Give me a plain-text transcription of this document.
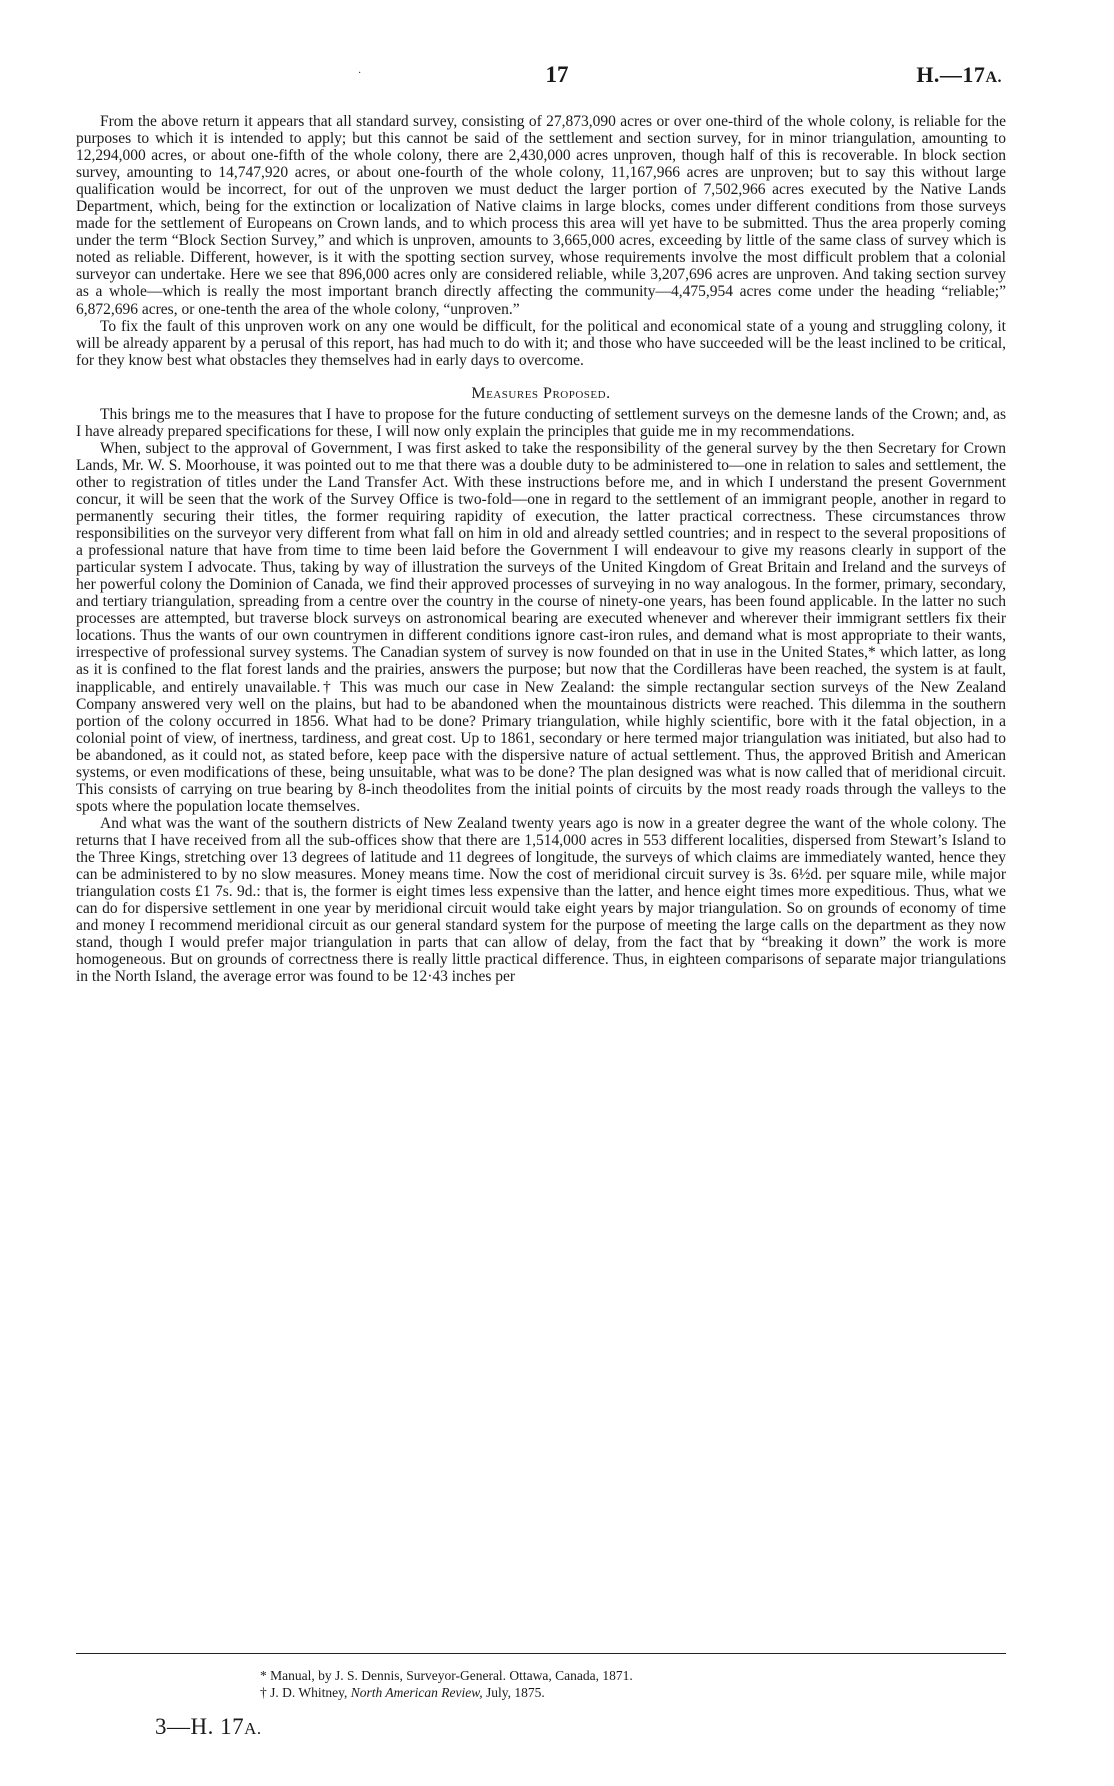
·	17	H.—17A.

From the above return it appears that all standard survey, consisting of 27,873,090 acres or over one-third of the whole colony, is reliable for the purposes to which it is intended to apply; but this cannot be said of the settlement and section survey, for in minor triangulation, amounting to 12,294,000 acres, or about one-fifth of the whole colony, there are 2,430,000 acres unproven, though half of this is recoverable. In block section survey, amounting to 14,747,920 acres, or about one-fourth of the whole colony, 11,167,966 acres are unproven; but to say this without large qualification would be incorrect, for out of the unproven we must deduct the larger portion of 7,502,966 acres executed by the Native Lands Department, which, being for the extinction or localization of Native claims in large blocks, comes under different conditions from those surveys made for the settlement of Europeans on Crown lands, and to which process this area will yet have to be submitted. Thus the area properly coming under the term “Block Section Survey,” and which is unproven, amounts to 3,665,000 acres, exceeding by little of the same class of survey which is noted as reliable. Different, however, is it with the spotting section survey, whose requirements involve the most difficult problem that a colonial surveyor can undertake. Here we see that 896,000 acres only are considered reliable, while 3,207,696 acres are unproven. And taking section survey as a whole—which is really the most important branch directly affecting the community—4,475,954 acres come under the heading “reliable;” 6,872,696 acres, or one-tenth the area of the whole colony, “unproven.”

To fix the fault of this unproven work on any one would be difficult, for the political and economical state of a young and struggling colony, it will be already apparent by a perusal of this report, has had much to do with it; and those who have succeeded will be the least inclined to be critical, for they know best what obstacles they themselves had in early days to overcome.

Measures Proposed.

This brings me to the measures that I have to propose for the future conducting of settlement surveys on the demesne lands of the Crown; and, as I have already prepared specifications for these, I will now only explain the principles that guide me in my recommendations.

When, subject to the approval of Government, I was first asked to take the responsibility of the general survey by the then Secretary for Crown Lands, Mr. W. S. Moorhouse, it was pointed out to me that there was a double duty to be administered to—one in relation to sales and settlement, the other to registration of titles under the Land Transfer Act. With these instructions before me, and in which I understand the present Government concur, it will be seen that the work of the Survey Office is two-fold—one in regard to the settlement of an immigrant people, another in regard to permanently securing their titles, the former requiring rapidity of execution, the latter practical correctness. These circumstances throw responsibilities on the surveyor very different from what fall on him in old and already settled countries; and in respect to the several propositions of a professional nature that have from time to time been laid before the Government I will endeavour to give my reasons clearly in support of the particular system I advocate. Thus, taking by way of illustration the surveys of the United Kingdom of Great Britain and Ireland and the surveys of her powerful colony the Dominion of Canada, we find their approved processes of surveying in no way analogous. In the former, primary, secondary, and tertiary triangulation, spreading from a centre over the country in the course of ninety-one years, has been found applicable. In the latter no such processes are attempted, but traverse block surveys on astronomical bearing are executed whenever and wherever their immigrant settlers fix their locations. Thus the wants of our own countrymen in different conditions ignore cast-iron rules, and demand what is most appropriate to their wants, irrespective of professional survey systems. The Canadian system of survey is now founded on that in use in the United States,* which latter, as long as it is confined to the flat forest lands and the prairies, answers the purpose; but now that the Cordilleras have been reached, the system is at fault, inapplicable, and entirely unavailable.† This was much our case in New Zealand: the simple rectangular section surveys of the New Zealand Company answered very well on the plains, but had to be abandoned when the mountainous districts were reached. This dilemma in the southern portion of the colony occurred in 1856. What had to be done? Primary triangulation, while highly scientific, bore with it the fatal objection, in a colonial point of view, of inertness, tardiness, and great cost. Up to 1861, secondary or here termed major triangulation was initiated, but also had to be abandoned, as it could not, as stated before, keep pace with the dispersive nature of actual settlement. Thus, the approved British and American systems, or even modifications of these, being unsuitable, what was to be done? The plan designed was what is now called that of meridional circuit. This consists of carrying on true bearing by 8-inch theodolites from the initial points of circuits by the most ready roads through the valleys to the spots where the population locate themselves.

And what was the want of the southern districts of New Zealand twenty years ago is now in a greater degree the want of the whole colony. The returns that I have received from all the sub-offices show that there are 1,514,000 acres in 553 different localities, dispersed from Stewart’s Island to the Three Kings, stretching over 13 degrees of latitude and 11 degrees of longitude, the surveys of which claims are immediately wanted, hence they can be administered to by no slow measures. Money means time. Now the cost of meridional circuit survey is 3s. 6½d. per square mile, while major triangulation costs £1 7s. 9d.: that is, the former is eight times less expensive than the latter, and hence eight times more expeditious. Thus, what we can do for dispersive settlement in one year by meridional circuit would take eight years by major triangulation. So on grounds of economy of time and money I recommend meridional circuit as our general standard system for the purpose of meeting the large calls on the department as they now stand, though I would prefer major triangulation in parts that can allow of delay, from the fact that by “breaking it down” the work is more homogeneous. But on grounds of correctness there is really little practical difference. Thus, in eighteen comparisons of separate major triangulations in the North Island, the average error was found to be 12·43 inches per

* Manual, by J. S. Dennis, Surveyor-General. Ottawa, Canada, 1871.
† J. D. Whitney, North American Review, July, 1875.
3—H. 17A.
